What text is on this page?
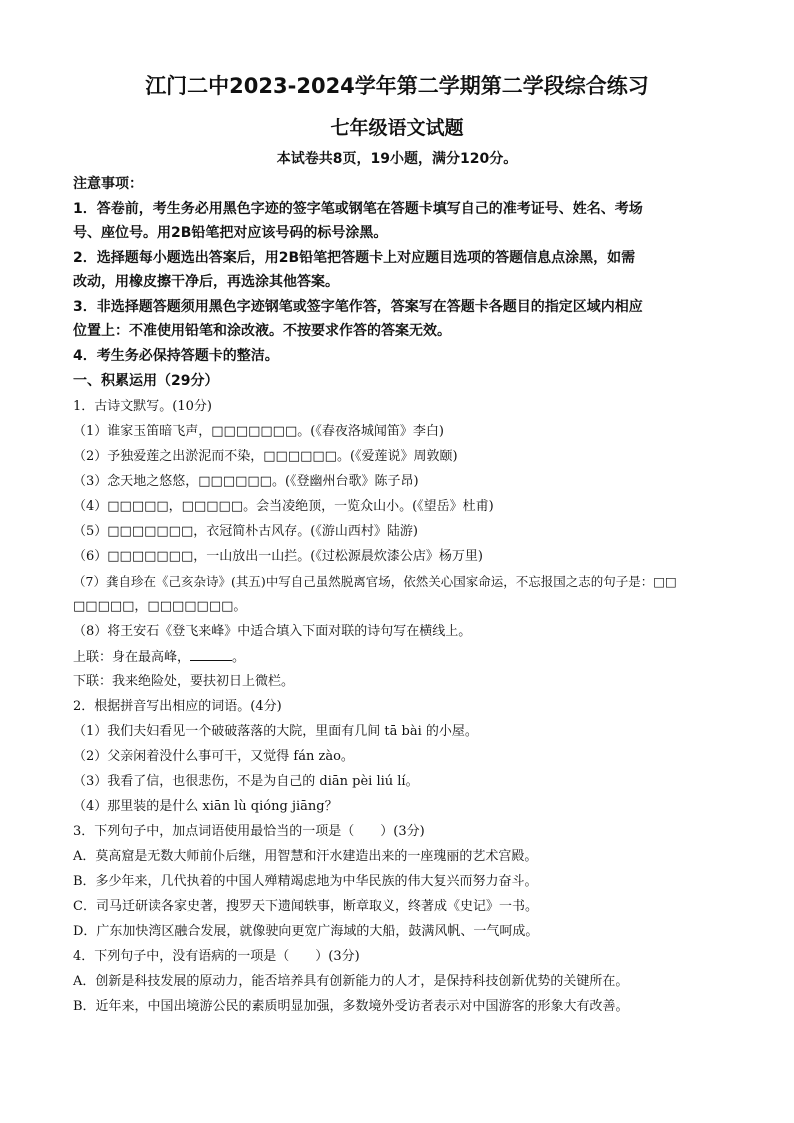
江门二中2023-2024学年第二学期第二学段综合练习
七年级语文试题
本试卷共8页，19小题，满分120分。
注意事项：
1．答卷前，考生务必用黑色字迹的签字笔或钢笔在答题卡填写自己的准考证号、姓名、考场
号、座位号。用2B铅笔把对应该号码的标号涂黑。
2．选择题每小题选出答案后，用2B铅笔把答题卡上对应题目选项的答题信息点涂黑，如需
改动，用橡皮擦干净后，再选涂其他答案。
3．非选择题答题须用黑色字迹钢笔或签字笔作答，答案写在答题卡各题目的指定区域内相应
位置上：不准使用铅笔和涂改液。不按要求作答的答案无效。
4．考生务必保持答题卡的整洁。
一、积累运用（29分）
1．古诗文默写。(10分)
（1）谁家玉笛暗飞声，□□□□□□□。(《春夜洛城闻笛》李白)
（2）予独爱莲之出淤泥而不染，□□□□□□。(《爱莲说》周敦颐)
（3）念天地之悠悠，□□□□□□。(《登幽州台歌》陈子昂)
（4）□□□□□，□□□□□。会当凌绝顶，一览众山小。(《望岳》杜甫)
（5）□□□□□□□，衣冠简朴古风存。(《游山西村》陆游)
（6）□□□□□□□，一山放出一山拦。(《过松源晨炊漆公店》杨万里)
（7）龚自珍在《己亥杂诗》(其五)中写自己虽然脱离官场，依然关心国家命运，不忘报国之志的句子是：□□
□□□□□，□□□□□□□。
（8）将王安石《登飞来峰》中适合填入下面对联的诗句写在横线上。
上联：身在最高峰，	。
下联：我来绝险处，要扶初日上微栏。
2．根据拼音写出相应的词语。(4分)
（1）我们夫妇看见一个破破落落的大院，里面有几间 tā bài 的小屋。
（2）父亲闲着没什么事可干，又觉得 fán zào。
（3）我看了信，也很悲伤，不是为自己的 diān pèi liú lí。
（4）那里装的是什么 xiān lù qióng jiāng？
3．下列句子中，加点词语使用最恰当的一项是（　　）(3分)
A．莫高窟是无数大师前仆后继，用智慧和汗水建造出来的一座瑰丽的艺术宫殿。
B．多少年来，几代执着的中国人殚精竭虑地为中华民族的伟大复兴而努力奋斗。
C．司马迁研读各家史著，搜罗天下遗闻轶事，断章取义，终著成《史记》一书。
D．广东加快湾区融合发展，就像驶向更宽广海域的大船，鼓满风帆、一气呵成。
4．下列句子中，没有语病的一项是（　　）(3分)
A．创新是科技发展的原动力，能否培养具有创新能力的人才，是保持科技创新优势的关键所在。
B．近年来，中国出境游公民的素质明显加强，多数境外受访者表示对中国游客的形象大有改善。
